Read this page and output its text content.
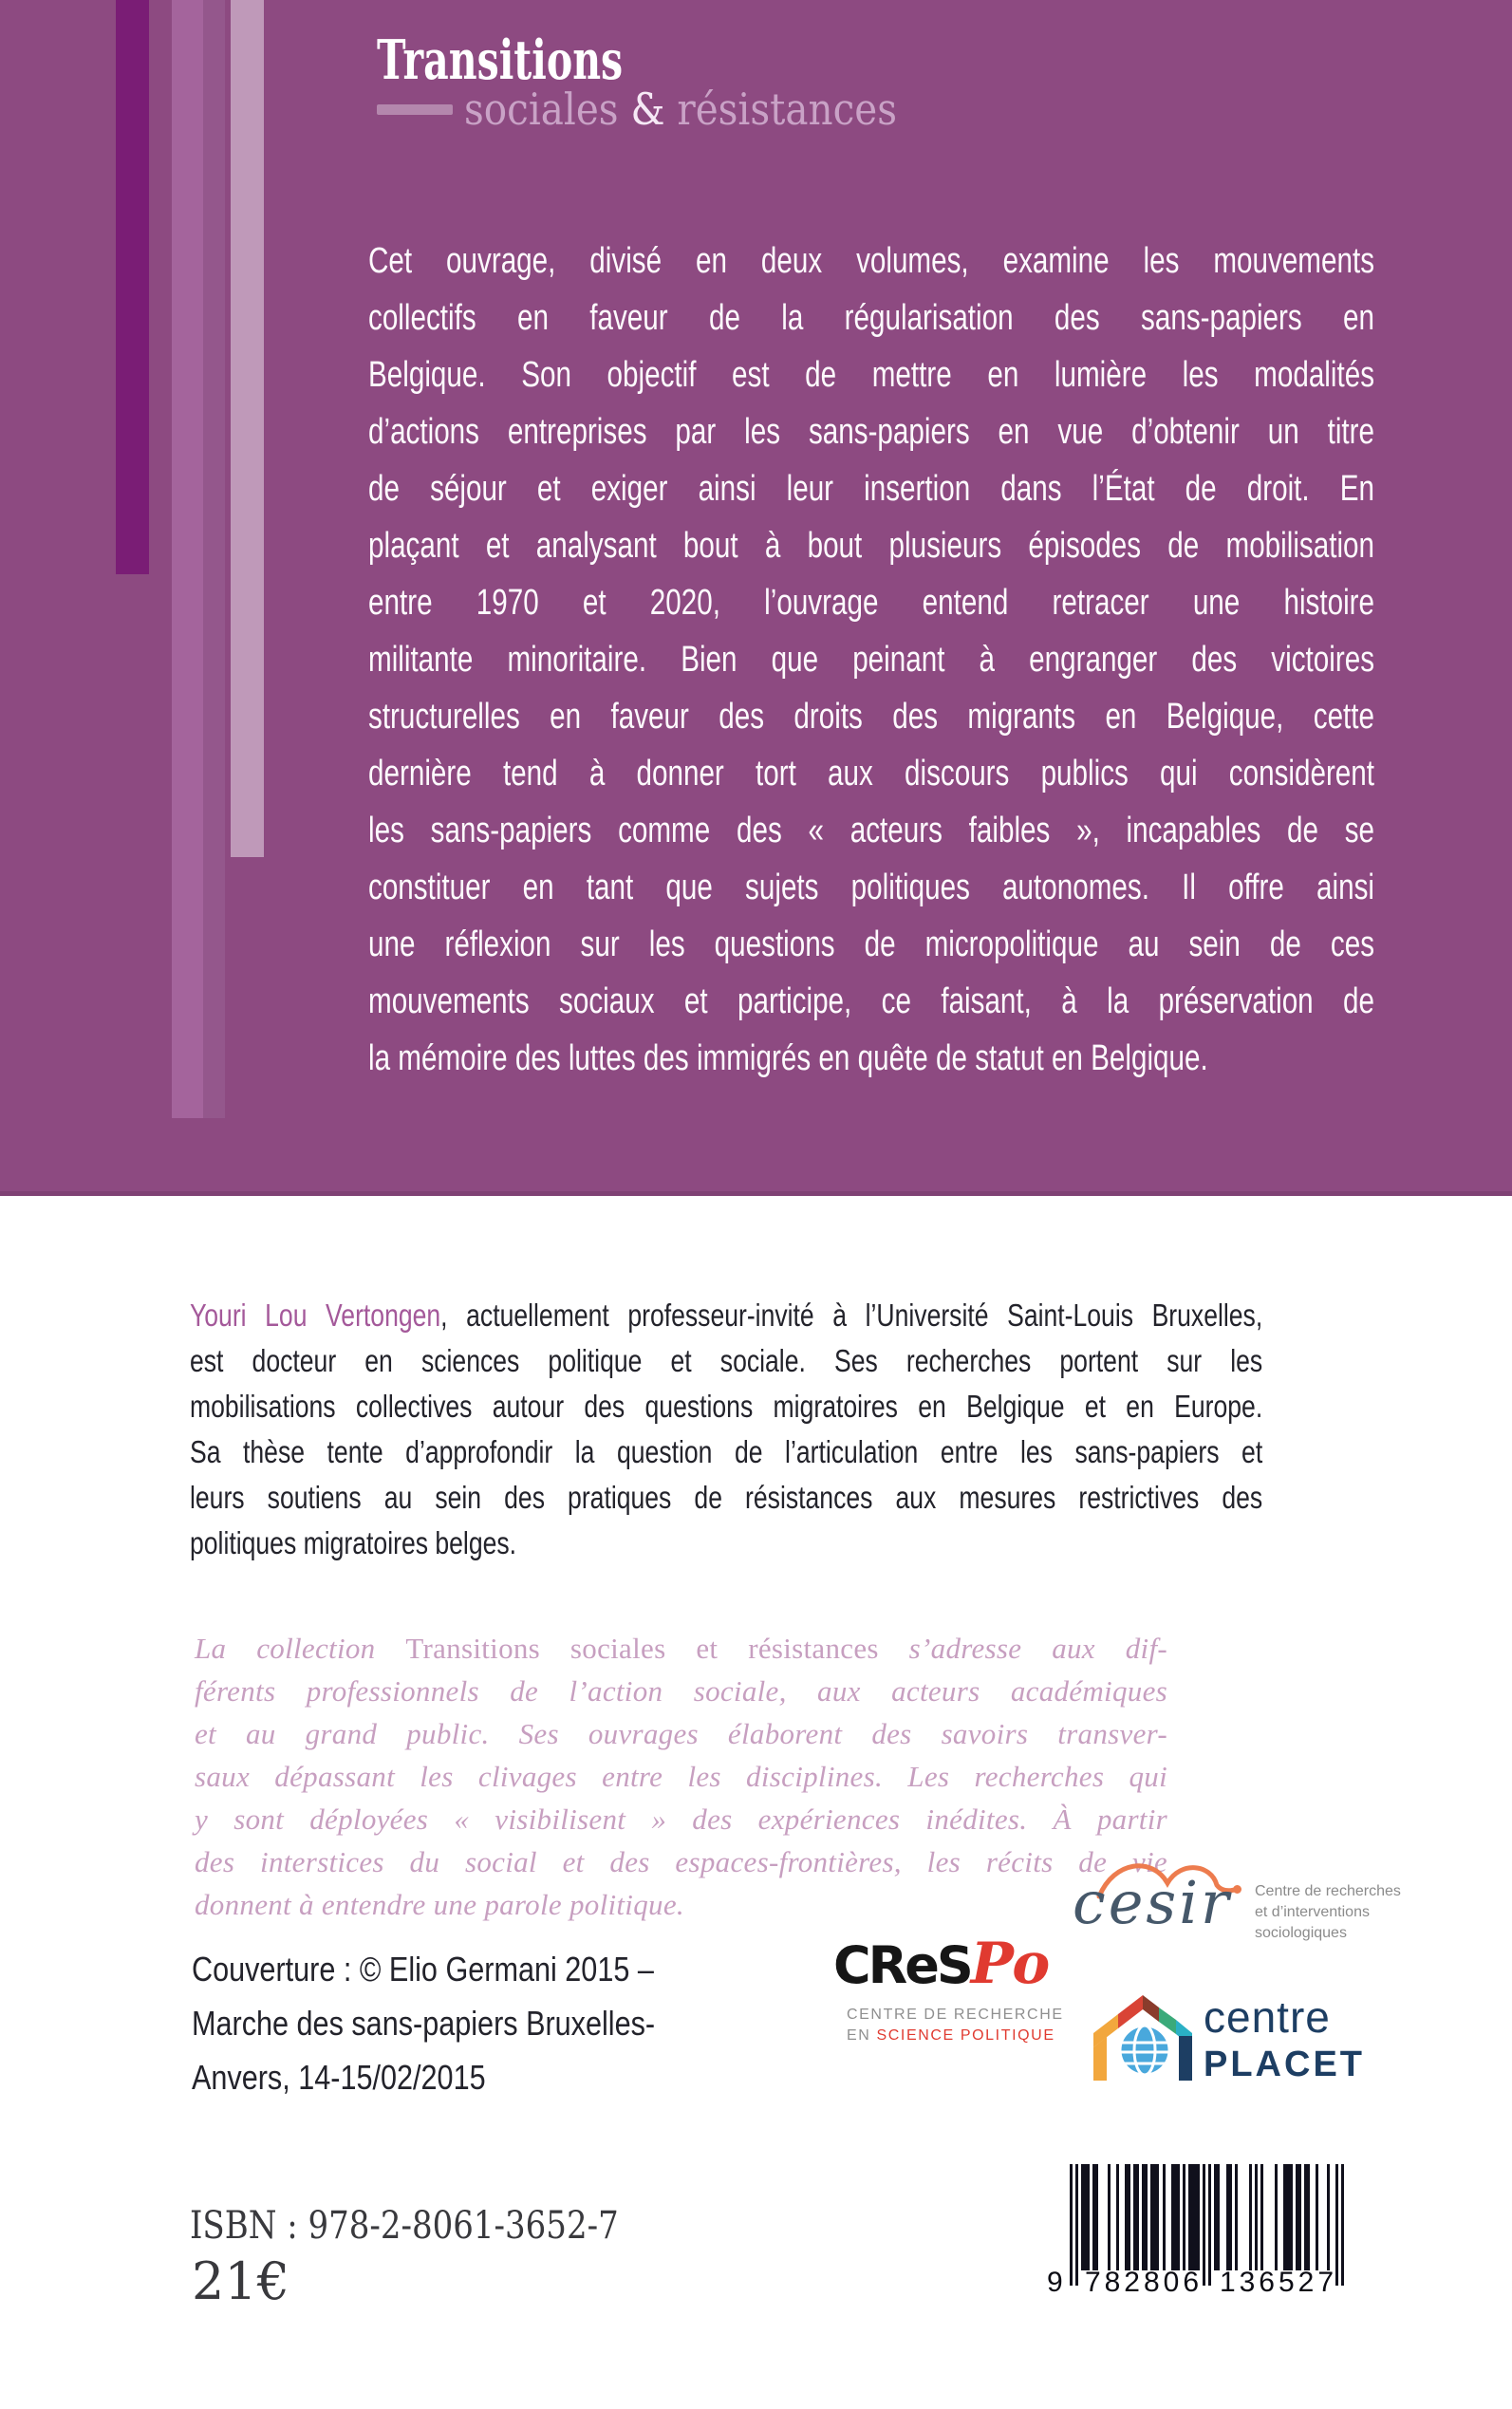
Transitions
sociales & résistances
Cet ouvrage, divisé en deux volumes, examine les mouvements
collectifs en faveur de la régularisation des sans-papiers en
Belgique. Son objectif est de mettre en lumière les modalités
d’actions entreprises par les sans-papiers en vue d’obtenir un titre
de séjour et exiger ainsi leur insertion dans l’État de droit. En
plaçant et analysant bout à bout plusieurs épisodes de mobilisation
entre 1970 et 2020, l’ouvrage entend retracer une histoire
militante minoritaire. Bien que peinant à engranger des victoires
structurelles en faveur des droits des migrants en Belgique, cette
dernière tend à donner tort aux discours publics qui considèrent
les sans-papiers comme des « acteurs faibles », incapables de se
constituer en tant que sujets politiques autonomes. Il offre ainsi
une réflexion sur les questions de micropolitique au sein de ces
mouvements sociaux et participe, ce faisant, à la préservation de
la mémoire des luttes des immigrés en quête de statut en Belgique.
Youri Lou Vertongen, actuellement professeur-invité à l’Université Saint-Louis Bruxelles,
est docteur en sciences politique et sociale. Ses recherches portent sur les
mobilisations collectives autour des questions migratoires en Belgique et en Europe.
Sa thèse tente d’approfondir la question de l’articulation entre les sans-papiers et
leurs soutiens au sein des pratiques de résistances aux mesures restrictives des
politiques migratoires belges.
La collection Transitions sociales et résistances s’adresse aux dif-
férents professionnels de l’action sociale, aux acteurs académiques
et au grand public. Ses ouvrages élaborent des savoirs transver-
saux dépassant les clivages entre les disciplines. Les recherches qui
y sont déployées « visibilisent » des expériences inédites. À partir
des interstices du social et des espaces-frontières, les récits de vie
donnent à entendre une parole politique.
Couverture : © Elio Germani 2015 –
Marche des sans-papiers Bruxelles-
Anvers, 14-15/02/2015
CReSPo
CENTRE DE RECHERCHE
EN SCIENCE POLITIQUE
cesir Centre de recherches
et d’interventions
sociologiques
centre
PLACET
ISBN : 978-2-8061-3652-7
21€	9 782806 136527
